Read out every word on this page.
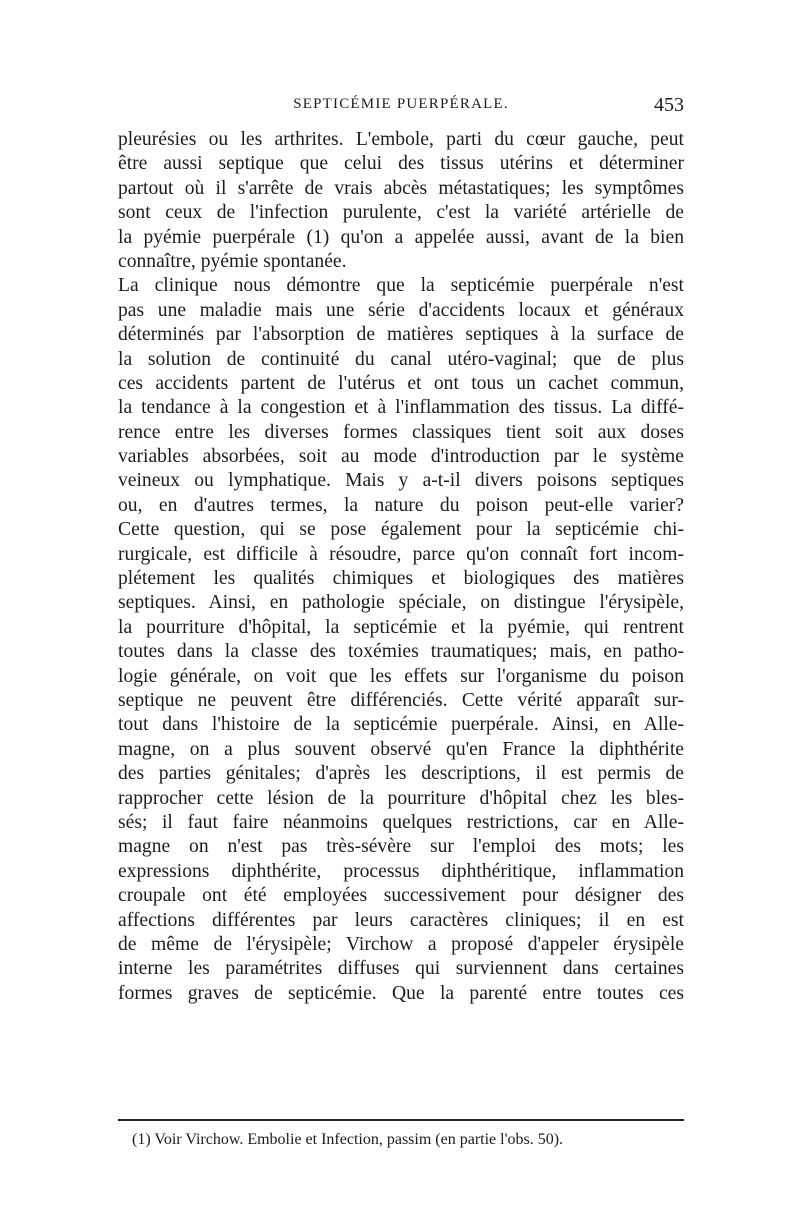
SEPTICÉMIE PUERPÉRALE.	453
pleurésies ou les arthrites. L'embole, parti du cœur gauche, peut
être aussi septique que celui des tissus utérins et déterminer
partout où il s'arrête de vrais abcès métastatiques; les symptômes
sont ceux de l'infection purulente, c'est la variété artérielle de
la pyémie puerpérale (1) qu'on a appelée aussi, avant de la bien
connaître, pyémie spontanée.
La clinique nous démontre que la septicémie puerpérale n'est
pas une maladie mais une série d'accidents locaux et généraux
déterminés par l'absorption de matières septiques à la surface de
la solution de continuité du canal utéro-vaginal; que de plus
ces accidents partent de l'utérus et ont tous un cachet commun,
la tendance à la congestion et à l'inflammation des tissus. La diffé-
rence entre les diverses formes classiques tient soit aux doses
variables absorbées, soit au mode d'introduction par le système
veineux ou lymphatique. Mais y a-t-il divers poisons septiques
ou, en d'autres termes, la nature du poison peut-elle varier?
Cette question, qui se pose également pour la septicémie chi-
rurgicale, est difficile à résoudre, parce qu'on connaît fort incom-
plétement les qualités chimiques et biologiques des matières
septiques. Ainsi, en pathologie spéciale, on distingue l'érysipèle,
la pourriture d'hôpital, la septicémie et la pyémie, qui rentrent
toutes dans la classe des toxémies traumatiques; mais, en patho-
logie générale, on voit que les effets sur l'organisme du poison
septique ne peuvent être différenciés. Cette vérité apparaît sur-
tout dans l'histoire de la septicémie puerpérale. Ainsi, en Alle-
magne, on a plus souvent observé qu'en France la diphthérite
des parties génitales; d'après les descriptions, il est permis de
rapprocher cette lésion de la pourriture d'hôpital chez les bles-
sés; il faut faire néanmoins quelques restrictions, car en Alle-
magne on n'est pas très-sévère sur l'emploi des mots; les
expressions diphthérite, processus diphthéritique, inflammation
croupale ont été employées successivement pour désigner des
affections différentes par leurs caractères cliniques; il en est
de même de l'érysipèle; Virchow a proposé d'appeler érysipèle
interne les paramétrites diffuses qui surviennent dans certaines
formes graves de septicémie. Que la parenté entre toutes ces
(1) Voir Virchow. Embolie et Infection, passim (en partie l'obs. 50).
